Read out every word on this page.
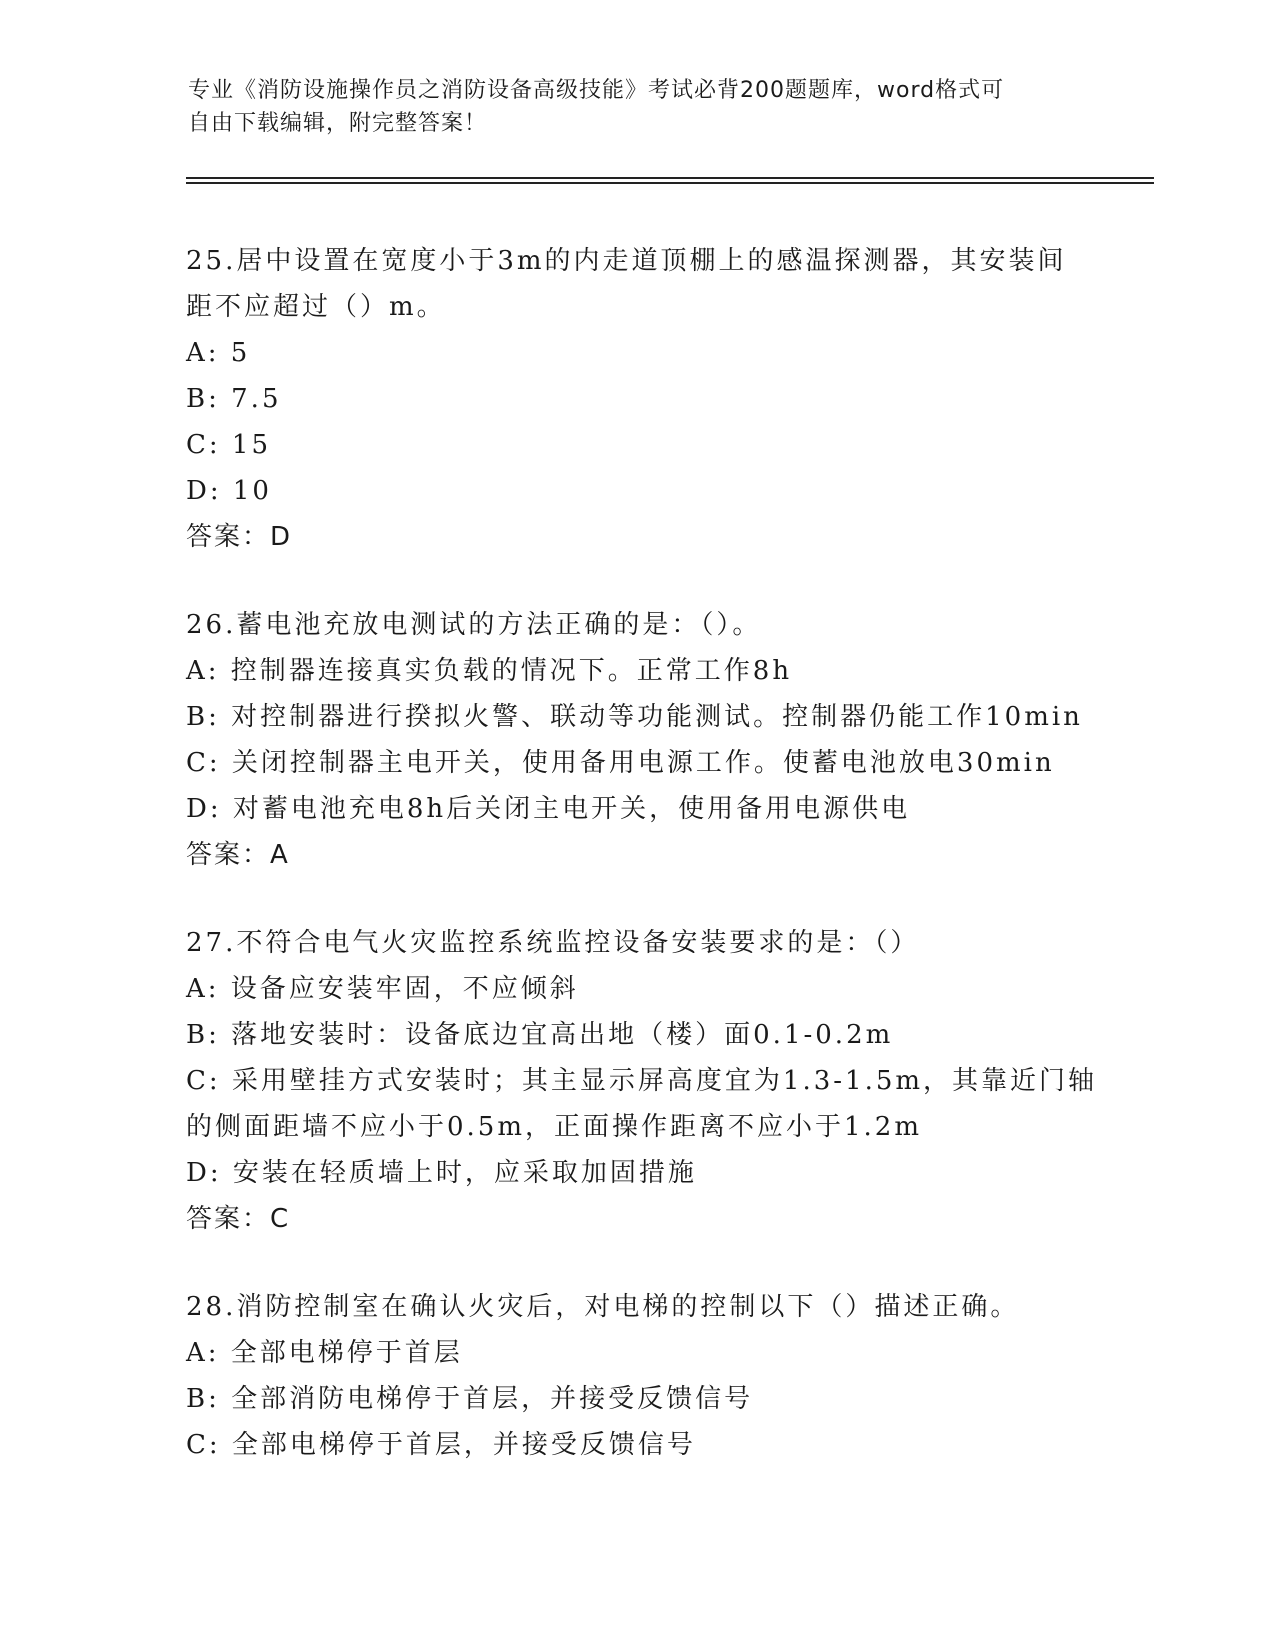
专业《消防设施操作员之消防设备高级技能》考试必背200题题库，word格式可
自由下载编辑，附完整答案！

25.居中设置在宽度小于3m的内走道顶棚上的感温探测器，其安装间

距不应超过（）m。

A: 5

B: 7.5

C: 15

D: 10

答案：D

26.蓄电池充放电测试的方法正确的是：（）。

A: 控制器连接真实负载的情况下。正常工作8h

B: 对控制器进行揆拟火警、联动等功能测试。控制器仍能工作10min

C: 关闭控制器主电开关，使用备用电源工作。使蓄电池放电30min

D: 对蓄电池充电8h后关闭主电开关，使用备用电源供电

答案：A

27.不符合电气火灾监控系统监控设备安装要求的是：（）

A: 设备应安装牢固，不应倾斜

B: 落地安装时：设备底边宜高出地（楼）面0.1-0.2m

C: 采用壁挂方式安装时；其主显示屏高度宜为1.3-1.5m，其靠近门轴

的侧面距墙不应小于0.5m，正面操作距离不应小于1.2m

D: 安装在轻质墙上时，应采取加固措施

答案：C

28.消防控制室在确认火灾后，对电梯的控制以下（）描述正确。

A: 全部电梯停于首层

B: 全部消防电梯停于首层，并接受反馈信号

C: 全部电梯停于首层，并接受反馈信号
